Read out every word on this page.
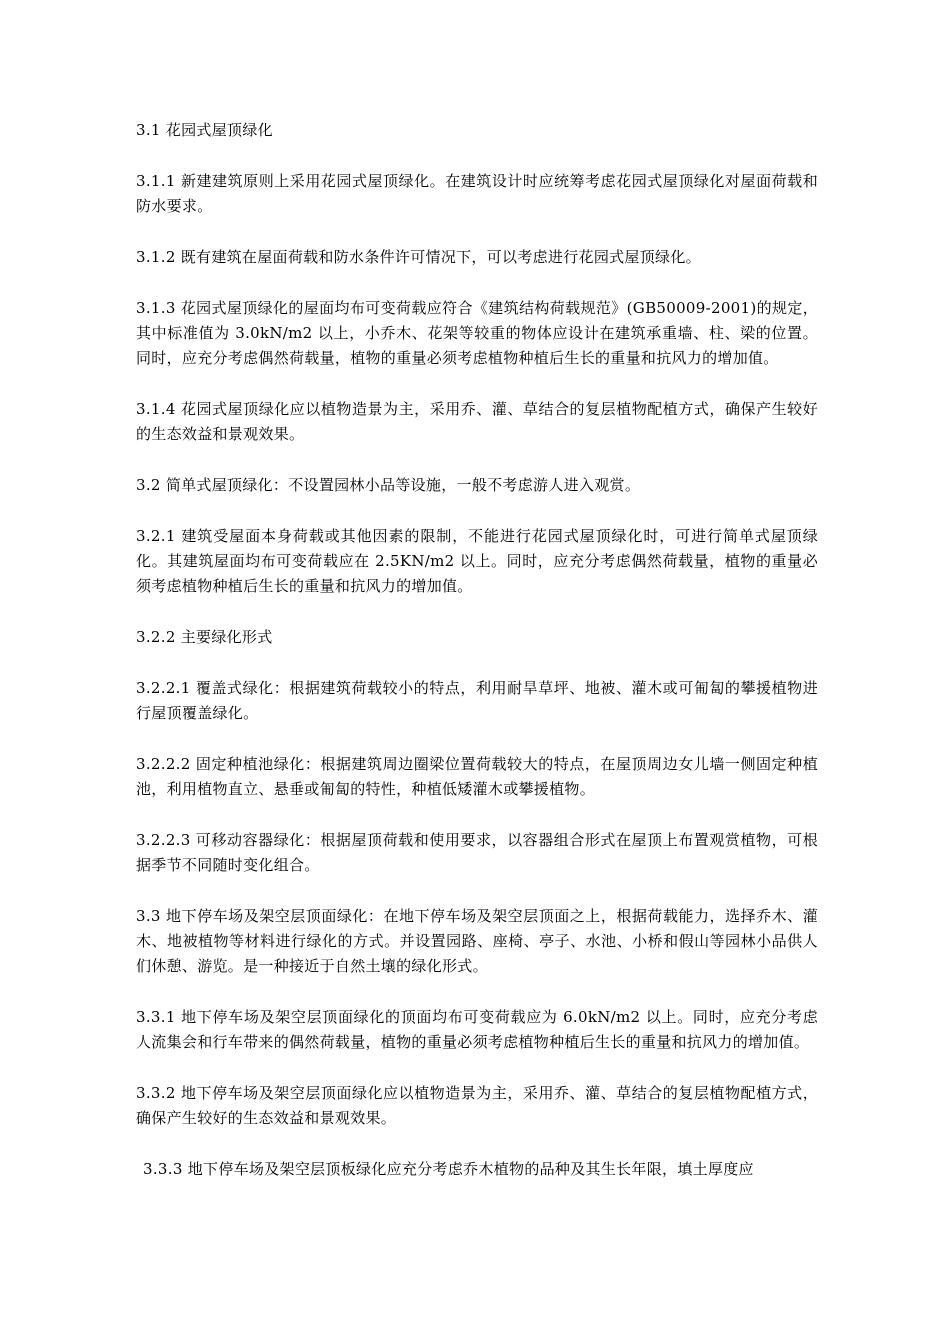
3.1 花园式屋顶绿化

3.1.1 新建建筑原则上采用花园式屋顶绿化。在建筑设计时应统筹考虑花园式屋顶绿化对屋面荷载和防水要求。

3.1.2 既有建筑在屋面荷载和防水条件许可情况下，可以考虑进行花园式屋顶绿化。

3.1.3 花园式屋顶绿化的屋面均布可变荷载应符合《建筑结构荷载规范》(GB50009-2001)的规定，其中标准值为 3.0kN/m2 以上，小乔木、花架等较重的物体应设计在建筑承重墙、柱、梁的位置。同时，应充分考虑偶然荷载量，植物的重量必须考虑植物种植后生长的重量和抗风力的增加值。

3.1.4 花园式屋顶绿化应以植物造景为主，采用乔、灌、草结合的复层植物配植方式，确保产生较好的生态效益和景观效果。

3.2 简单式屋顶绿化：不设置园林小品等设施，一般不考虑游人进入观赏。

3.2.1 建筑受屋面本身荷载或其他因素的限制，不能进行花园式屋顶绿化时，可进行简单式屋顶绿化。其建筑屋面均布可变荷载应在 2.5KN/m2 以上。同时，应充分考虑偶然荷载量，植物的重量必须考虑植物种植后生长的重量和抗风力的增加值。

3.2.2 主要绿化形式

3.2.2.1 覆盖式绿化：根据建筑荷载较小的特点，利用耐旱草坪、地被、灌木或可匍匐的攀援植物进行屋顶覆盖绿化。

3.2.2.2 固定种植池绿化：根据建筑周边圈梁位置荷载较大的特点，在屋顶周边女儿墙一侧固定种植池，利用植物直立、悬垂或匍匐的特性，种植低矮灌木或攀援植物。

3.2.2.3 可移动容器绿化：根据屋顶荷载和使用要求，以容器组合形式在屋顶上布置观赏植物，可根据季节不同随时变化组合。

3.3 地下停车场及架空层顶面绿化：在地下停车场及架空层顶面之上，根据荷载能力，选择乔木、灌木、地被植物等材料进行绿化的方式。并设置园路、座椅、亭子、水池、小桥和假山等园林小品供人们休憩、游览。是一种接近于自然土壤的绿化形式。

3.3.1 地下停车场及架空层顶面绿化的顶面均布可变荷载应为 6.0kN/m2 以上。同时，应充分考虑人流集会和行车带来的偶然荷载量，植物的重量必须考虑植物种植后生长的重量和抗风力的增加值。

3.3.2 地下停车场及架空层顶面绿化应以植物造景为主，采用乔、灌、草结合的复层植物配植方式，确保产生较好的生态效益和景观效果。

3.3.3 地下停车场及架空层顶板绿化应充分考虑乔木植物的品种及其生长年限，填土厚度应
